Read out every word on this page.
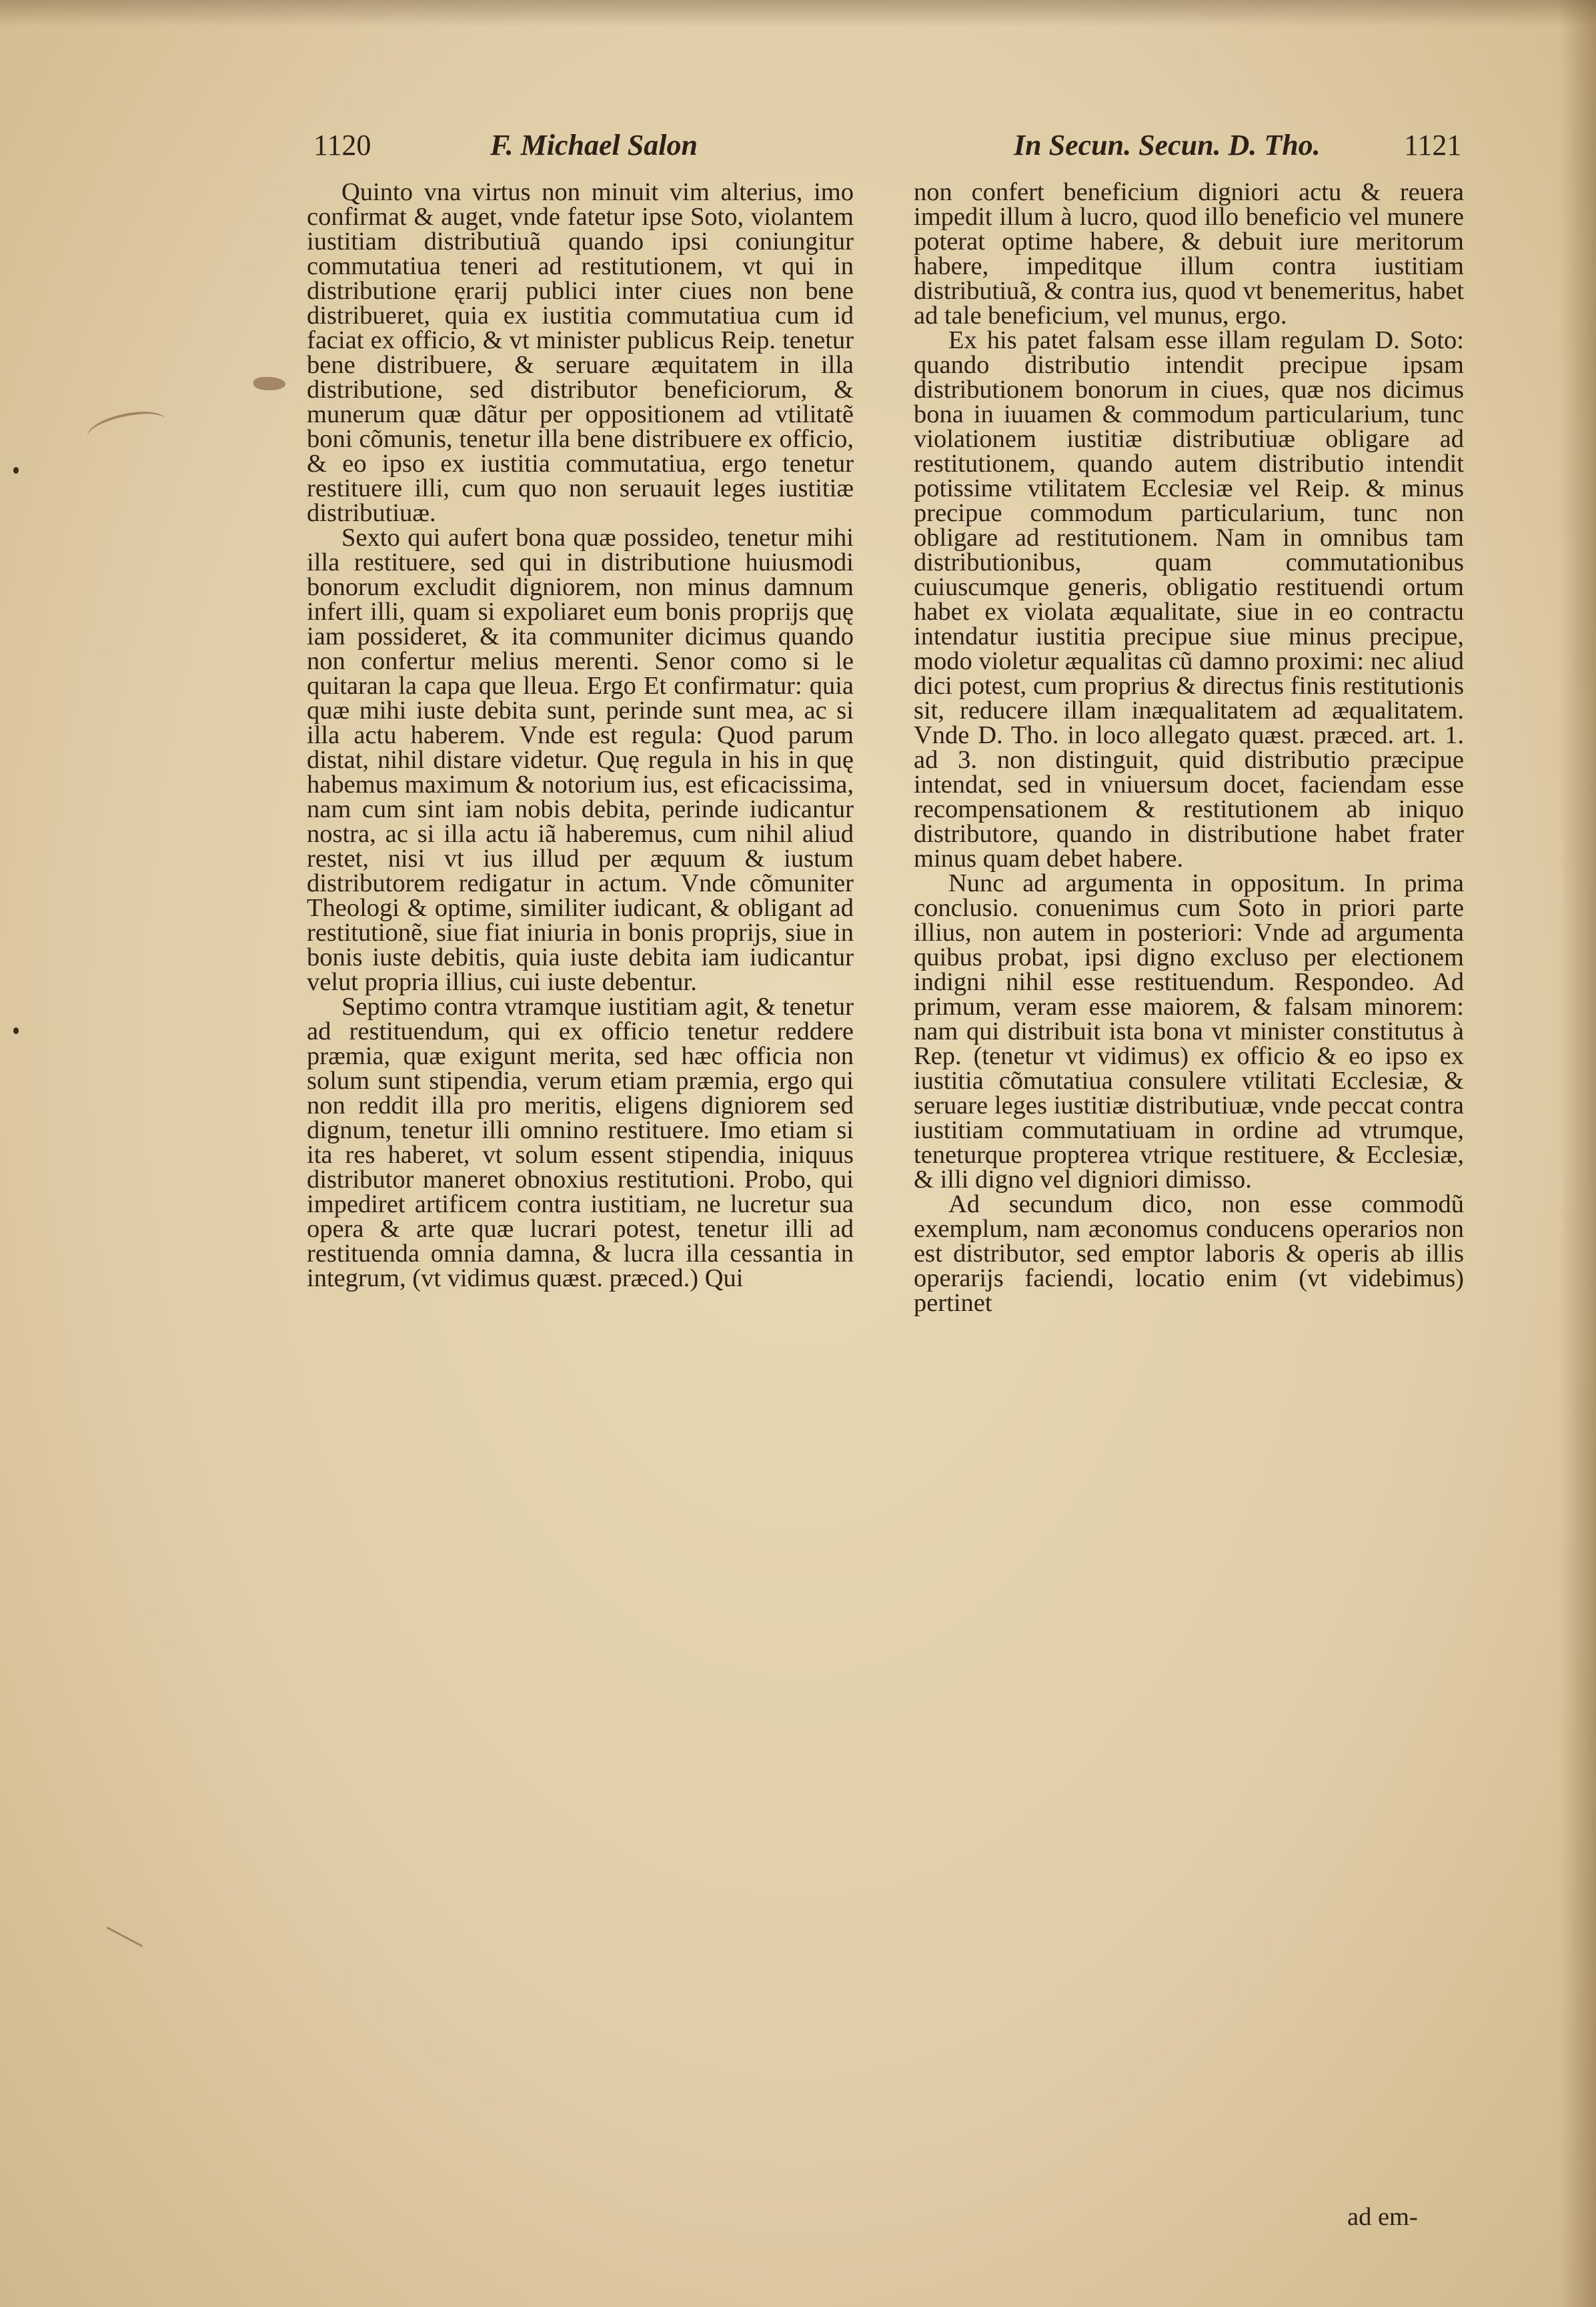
1120	F. Michael Salon	In Secun. Secun. D. Tho.	1121

Quinto vna virtus non minuit vim alterius, imo confirmat & auget, vnde fatetur ipse Soto, violantem iustitiam distributiuã quando ipsi coniungitur commutatiua teneri ad restitutionem, vt qui in distributione ęrarij publici inter ciues non bene distribueret, quia ex iustitia commutatiua cum id faciat ex officio, & vt minister publicus Reip. tenetur bene distribuere, & seruare æquitatem in illa distributione, sed distributor beneficiorum, & munerum quæ dãtur per oppositionem ad vtilitatẽ boni cõmunis, tenetur illa bene distribuere ex officio, & eo ipso ex iustitia commutatiua, ergo tenetur restituere illi, cum quo non seruauit leges iustitiæ distributiuæ.

Sexto qui aufert bona quæ possideo, tenetur mihi illa restituere, sed qui in distributione huiusmodi bonorum excludit digniorem, non minus damnum infert illi, quam si expoliaret eum bonis proprijs quę iam possideret, & ita communiter dicimus quando non confertur melius merenti. Senor como si le quitaran la capa que lleua. Ergo Et confirmatur: quia quæ mihi iuste debita sunt, perinde sunt mea, ac si illa actu haberem. Vnde est regula: Quod parum distat, nihil distare videtur. Quę regula in his in quę habemus maximum & notorium ius, est eficacissima, nam cum sint iam nobis debita, perinde iudicantur nostra, ac si illa actu iã haberemus, cum nihil aliud restet, nisi vt ius illud per æquum & iustum distributorem redigatur in actum. Vnde cõmuniter Theologi & optime, similiter iudicant, & obligant ad restitutionẽ, siue fiat iniuria in bonis proprijs, siue in bonis iuste debitis, quia iuste debita iam iudicantur velut propria illius, cui iuste debentur.

Septimo contra vtramque iustitiam agit, & tenetur ad restituendum, qui ex officio tenetur reddere præmia, quæ exigunt merita, sed hæc officia non solum sunt stipendia, verum etiam præmia, ergo qui non reddit illa pro meritis, eligens digniorem sed dignum, tenetur illi omnino restituere. Imo etiam si ita res haberet, vt solum essent stipendia, iniquus distributor maneret obnoxius restitutioni. Probo, qui impediret artificem contra iustitiam, ne lucretur sua opera & arte quæ lucrari potest, tenetur illi ad restituenda omnia damna, & lucra illa cessantia in integrum, (vt vidimus quæst. præced.) Qui

non confert beneficium digniori actu & reuera impedit illum à lucro, quod illo beneficio vel munere poterat optime habere, & debuit iure meritorum habere, impeditque illum contra iustitiam distributiuã, & contra ius, quod vt benemeritus, habet ad tale beneficium, vel munus, ergo.

Ex his patet falsam esse illam regulam D. Soto: quando distributio intendit precipue ipsam distributionem bonorum in ciues, quæ nos dicimus bona in iuuamen & commodum particularium, tunc violationem iustitiæ distributiuæ obligare ad restitutionem, quando autem distributio intendit potissime vtilitatem Ecclesiæ vel Reip. & minus precipue commodum particularium, tunc non obligare ad restitutionem. Nam in omnibus tam distributionibus, quam commutationibus cuiuscumque generis, obligatio restituendi ortum habet ex violata æqualitate, siue in eo contractu intendatur iustitia precipue siue minus precipue, modo violetur æqualitas cũ damno proximi: nec aliud dici potest, cum proprius & directus finis restitutionis sit, reducere illam inæqualitatem ad æqualitatem. Vnde D. Tho. in loco allegato quæst. præced. art. 1. ad 3. non distinguit, quid distributio præcipue intendat, sed in vniuersum docet, faciendam esse recompensationem & restitutionem ab iniquo distributore, quando in distributione habet frater minus quam debet habere.

Nunc ad argumenta in oppositum. In prima conclusio. conuenimus cum Soto in priori parte illius, non autem in posteriori: Vnde ad argumenta quibus probat, ipsi digno excluso per electionem indigni nihil esse restituendum. Respondeo. Ad primum, veram esse maiorem, & falsam minorem: nam qui distribuit ista bona vt minister constitutus à Rep. (tenetur vt vidimus) ex officio & eo ipso ex iustitia cõmutatiua consulere vtilitati Ecclesiæ, & seruare leges iustitiæ distributiuæ, vnde peccat contra iustitiam commutatiuam in ordine ad vtrumque, teneturque propterea vtrique restituere, & Ecclesiæ, & illi digno vel digniori dimisso.

Ad secundum dico, non esse commodũ exemplum, nam æconomus conducens operarios non est distributor, sed emptor laboris & operis ab illis operarijs faciendi, locatio enim (vt videbimus) pertinet

ad em-
